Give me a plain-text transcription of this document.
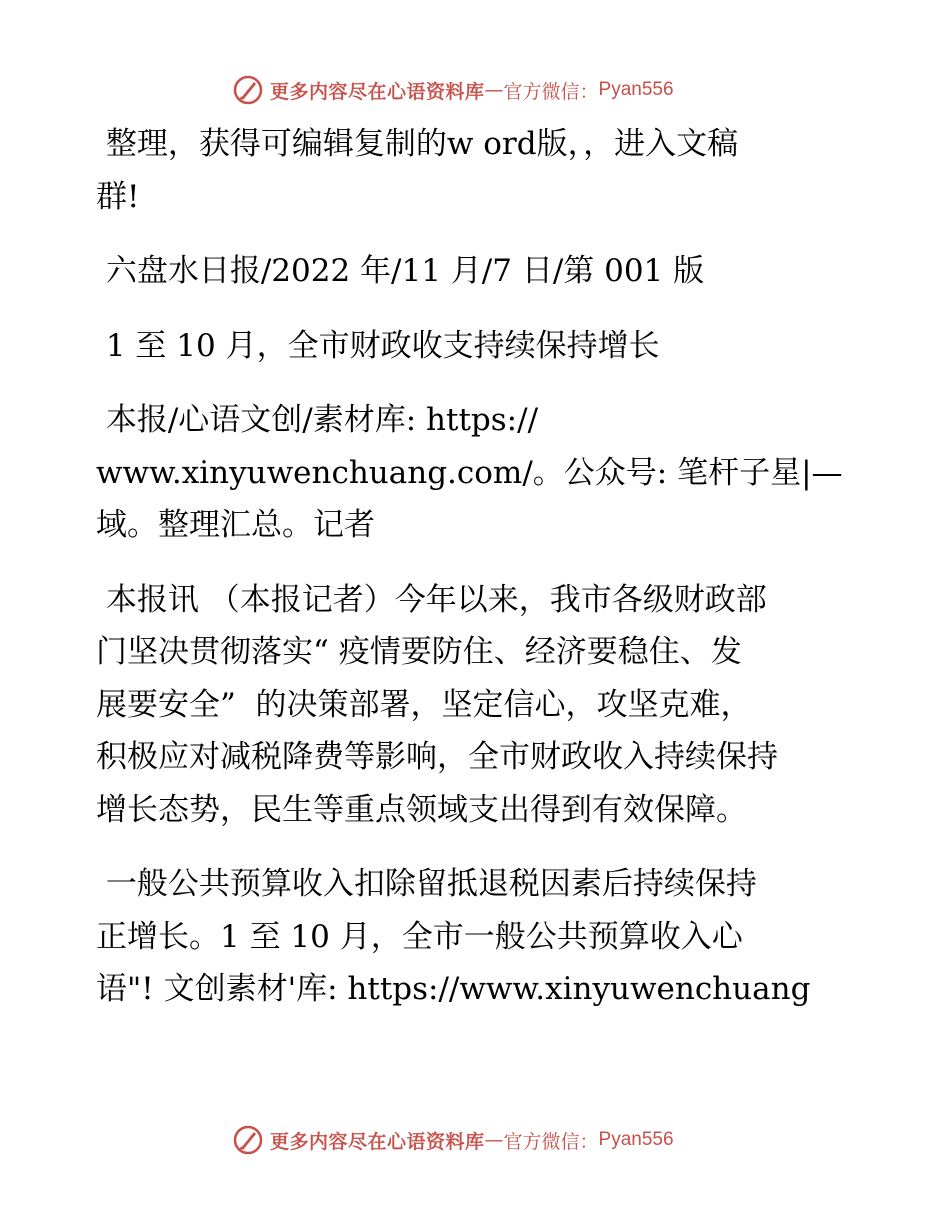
更多内容尽在心语资料库 — 官方微信： Pyan556

整理，获得可编辑复制的w ord版，，进入文稿
群!

六盘水日报/2022 年/11 月/7 日/第 001 版

1 至 10 月，全市财政收支持续保持增长

本报/心语文创/素材库: https://
www.xinyuwenchuang.com/。公众号: 笔杆子星|—
域。整理汇总。记者

本报讯 （本报记者）今年以来，我市各级财政部
门坚决贯彻落实“ 疫情要防住、经济要稳住、发
展要安全”  的决策部署，坚定信心，攻坚克难，
积极应对减税降费等影响，全市财政收入持续保持
增长态势，民生等重点领域支出得到有效保障。

一般公共预算收入扣除留抵退税因素后持续保持
正增长。1 至 10 月，全市一般公共预算收入心
语"! 文创素材'库: https://www.xinyuwenchuang

更多内容尽在心语资料库 — 官方微信： Pyan556
